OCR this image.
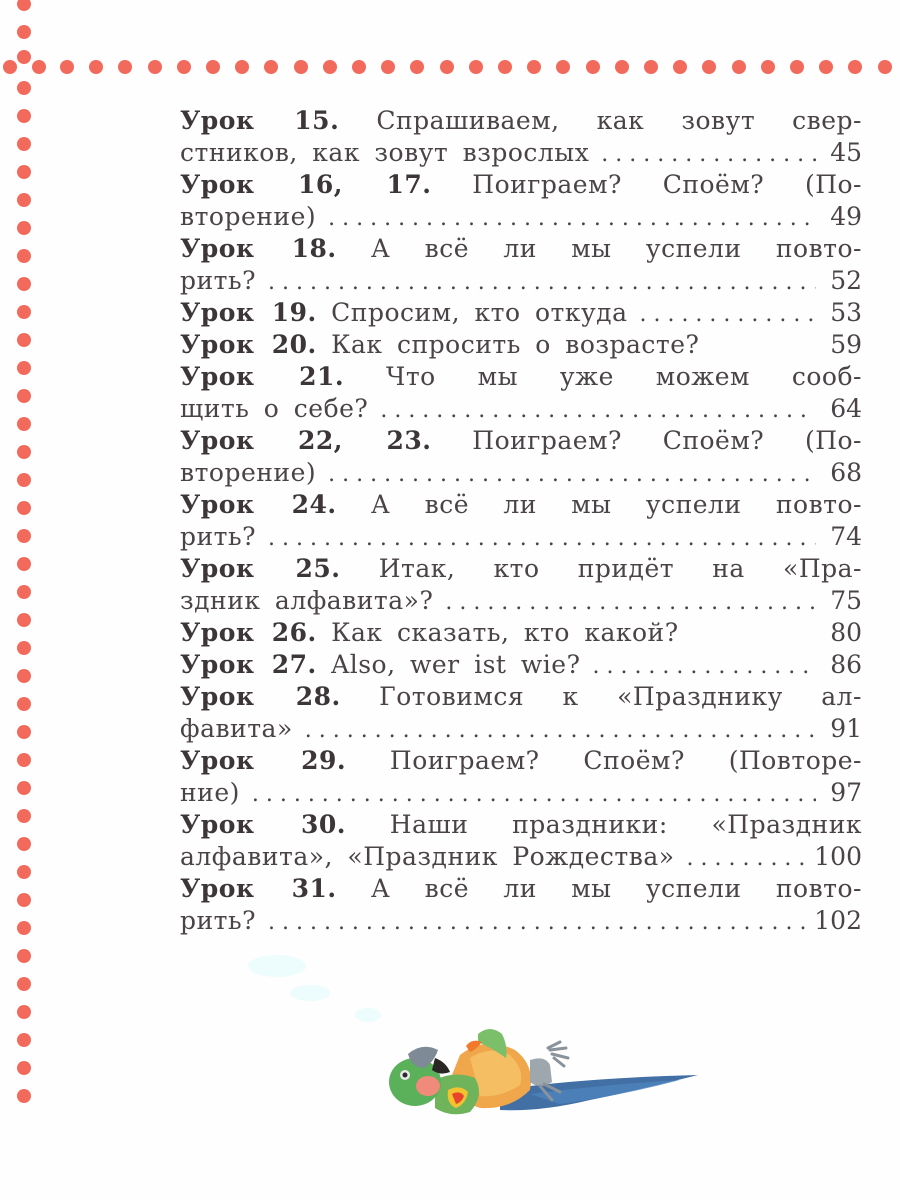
Урок 15. Спрашиваем, как зовут свер-
стников, как зовут взрослых . . .	45
Урок 16, 17. Поиграем? Споём? (По-
вторение) . . .	49
Урок 18. А всё ли мы успели повто-
рить? . . .	52
Урок 19. Спросим, кто откуда . . .	53
Урок 20. Как спросить о возрасте?	59
Урок 21. Что мы уже можем сооб-
щить о себе? . . .	64
Урок 22, 23. Поиграем? Споём? (По-
вторение) . . .	68
Урок 24. А всё ли мы успели повто-
рить? . . .	74
Урок 25. Итак, кто придёт на «Пра-
здник алфавита»? . . .	75
Урок 26. Как сказать, кто какой?	80
Урок 27. Also, wer ist wie? . . .	86
Урок 28. Готовимся к «Празднику ал-
фавита» . . .	91
Урок 29. Поиграем? Споём? (Повторе-
ние) . . .	97
Урок 30. Наши праздники: «Праздник
алфавита», «Праздник Рождества» . . .	100
Урок 31. А всё ли мы успели повто-
рить? . . .	102
